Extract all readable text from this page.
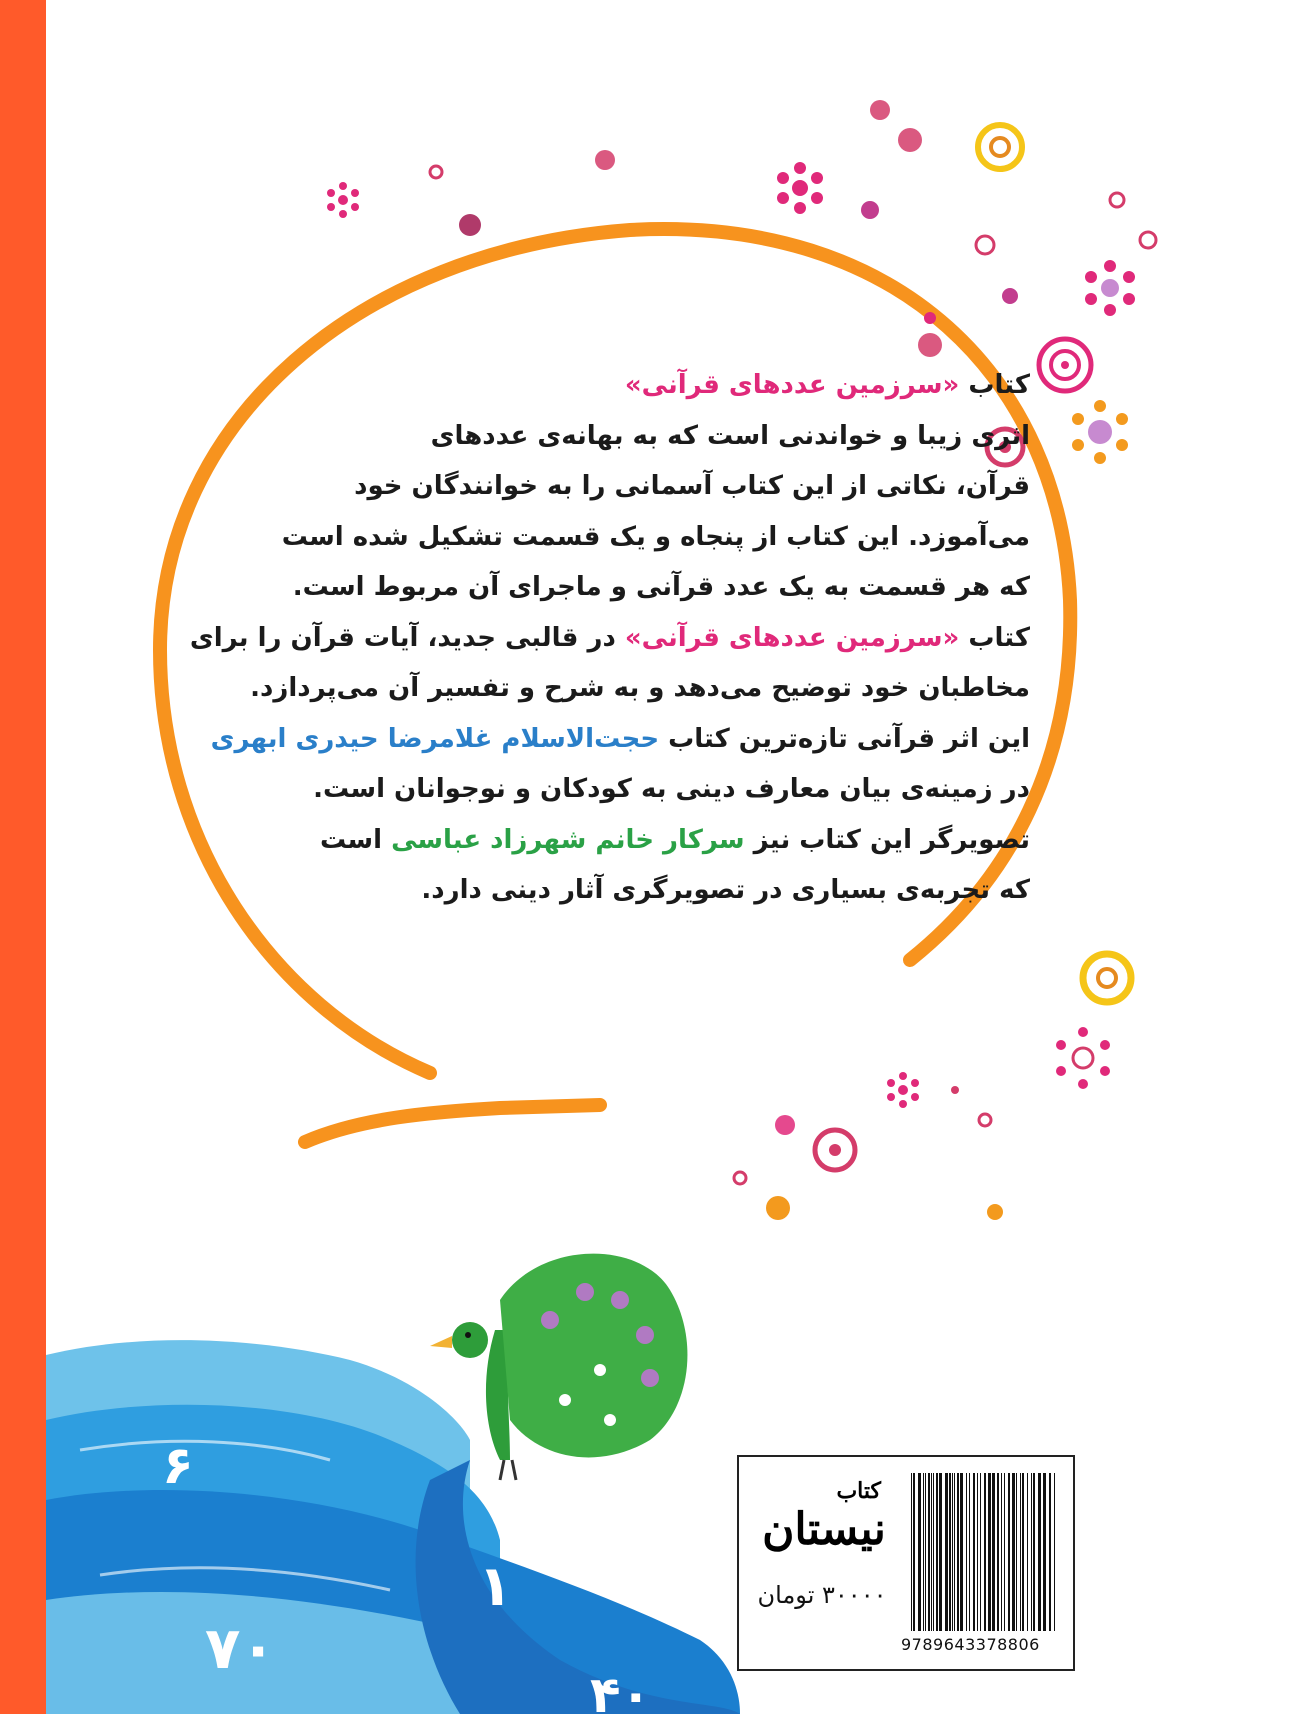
۶
۱
۷۰
۴۰
کتاب «سرزمین عددهای قرآنی»
اثری زیبا و خواندنی است که به بهانه‌ی عددهای
قرآن، نکاتی از این کتاب آسمانی را به خوانندگان خود
می‌آموزد. این کتاب از پنجاه و یک قسمت تشکیل شده است
که هر قسمت به یک عدد قرآنی و ماجرای آن مربوط است.
کتاب «سرزمین عددهای قرآنی» در قالبی جدید، آیات قرآن را برای
مخاطبان خود توضیح می‌دهد و به شرح و تفسیر آن می‌پردازد.
این اثر قرآنی تازه‌ترین کتاب حجت‌الاسلام غلامرضا حیدری ابهری
در زمینه‌ی بیان معارف دینی به کودکان و نوجوانان است.
تصویرگر این کتاب نیز سرکار خانم شهرزاد عباسی است
که تجربه‌ی بسیاری در تصویرگری آثار دینی دارد.
کتاب
نیستان
۳۰۰۰۰ تومان
9789643378806
